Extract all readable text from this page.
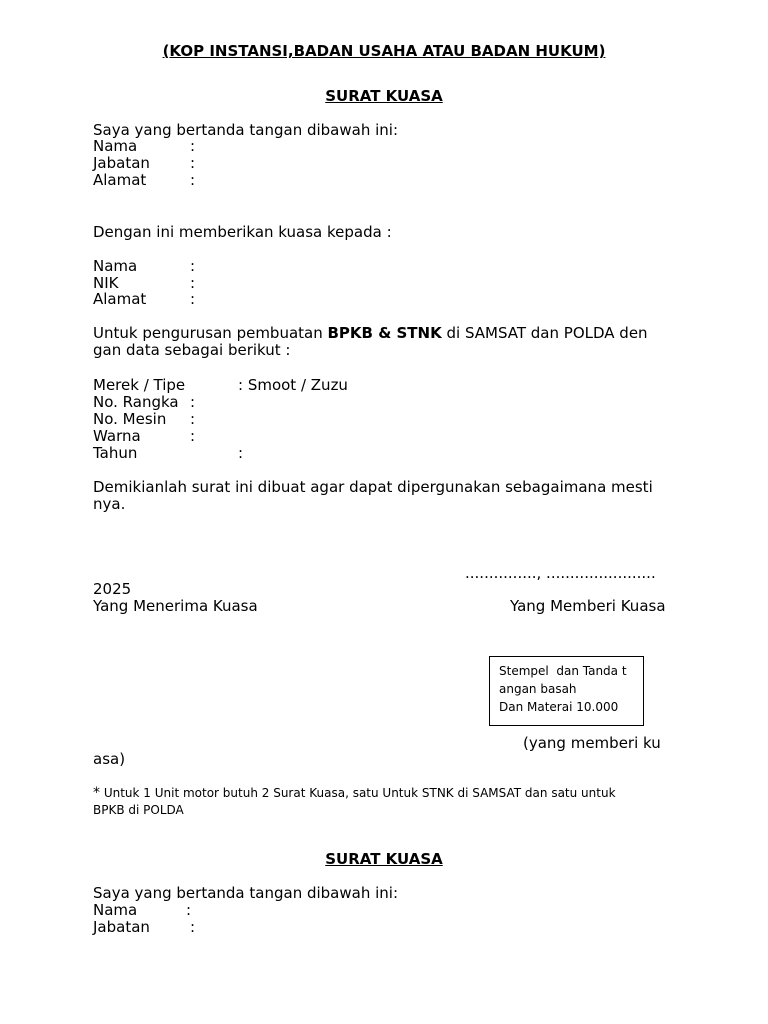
(KOP INSTANSI,BADAN USAHA ATAU BADAN HUKUM)
SURAT KUASA
Saya yang bertanda tangan dibawah ini:
Nama	:
Jabatan	:
Alamat	:
Dengan ini memberikan kuasa kepada :
Nama	:
NIK	:
Alamat	:
Untuk pengurusan pembuatan BPKB & STNK di SAMSAT dan POLDA den
gan data sebagai berikut :
Merek / Tipe	: Smoot / Zuzu
No. Rangka :
No. Mesin :
Warna	:
Tahun	:
Demikianlah surat ini dibuat agar dapat dipergunakan sebagaimana mesti
nya.
..............., .......................
2025
Yang Menerima Kuasa	Yang Memberi Kuasa
Stempel  dan Tanda t
angan basah
Dan Materai 10.000
(yang memberi ku
asa)
* Untuk 1 Unit motor butuh 2 Surat Kuasa, satu Untuk STNK di SAMSAT dan satu untuk
BPKB di POLDA
SURAT KUASA
Saya yang bertanda tangan dibawah ini:
Nama	:
Jabatan	:
